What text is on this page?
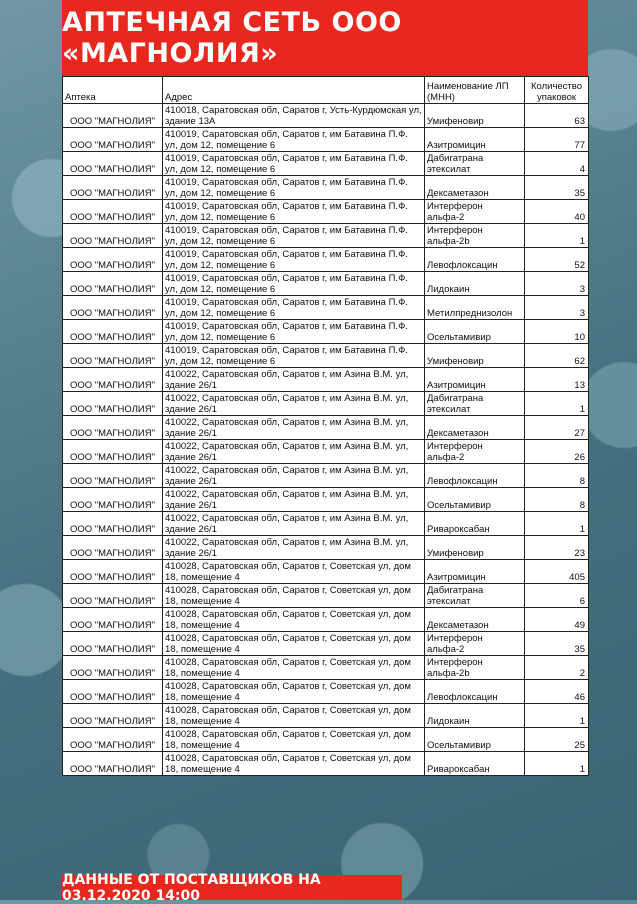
АПТЕЧНАЯ СЕТЬ ООО «МАГНОЛИЯ»
Аптека	Адрес	Наименование ЛП (МНН)	Количество упаковок
ООО "МАГНОЛИЯ"	410018, Саратовская обл, Саратов г, Усть-Курдюмская ул, здание 13А	Умифеновир	63
ООО "МАГНОЛИЯ"	410019, Саратовская обл, Саратов г, им Батавина П.Ф. ул, дом 12, помещение 6	Азитромицин	77
ООО "МАГНОЛИЯ"	410019, Саратовская обл, Саратов г, им Батавина П.Ф. ул, дом 12, помещение 6	Дабигатрана этексилат	4
ООО "МАГНОЛИЯ"	410019, Саратовская обл, Саратов г, им Батавина П.Ф. ул, дом 12, помещение 6	Дексаметазон	35
ООО "МАГНОЛИЯ"	410019, Саратовская обл, Саратов г, им Батавина П.Ф. ул, дом 12, помещение 6	Интерферон альфа-2	40
ООО "МАГНОЛИЯ"	410019, Саратовская обл, Саратов г, им Батавина П.Ф. ул, дом 12, помещение 6	Интерферон альфа-2b	1
ООО "МАГНОЛИЯ"	410019, Саратовская обл, Саратов г, им Батавина П.Ф. ул, дом 12, помещение 6	Левофлоксацин	52
ООО "МАГНОЛИЯ"	410019, Саратовская обл, Саратов г, им Батавина П.Ф. ул, дом 12, помещение 6	Лидокаин	3
ООО "МАГНОЛИЯ"	410019, Саратовская обл, Саратов г, им Батавина П.Ф. ул, дом 12, помещение 6	Метилпреднизолон	3
ООО "МАГНОЛИЯ"	410019, Саратовская обл, Саратов г, им Батавина П.Ф. ул, дом 12, помещение 6	Осельтамивир	10
ООО "МАГНОЛИЯ"	410019, Саратовская обл, Саратов г, им Батавина П.Ф. ул, дом 12, помещение 6	Умифеновир	62
ООО "МАГНОЛИЯ"	410022, Саратовская обл, Саратов г, им Азина В.М. ул, здание 26/1	Азитромицин	13
ООО "МАГНОЛИЯ"	410022, Саратовская обл, Саратов г, им Азина В.М. ул, здание 26/1	Дабигатрана этексилат	1
ООО "МАГНОЛИЯ"	410022, Саратовская обл, Саратов г, им Азина В.М. ул, здание 26/1	Дексаметазон	27
ООО "МАГНОЛИЯ"	410022, Саратовская обл, Саратов г, им Азина В.М. ул, здание 26/1	Интерферон альфа-2	26
ООО "МАГНОЛИЯ"	410022, Саратовская обл, Саратов г, им Азина В.М. ул, здание 26/1	Левофлоксацин	8
ООО "МАГНОЛИЯ"	410022, Саратовская обл, Саратов г, им Азина В.М. ул, здание 26/1	Осельтамивир	8
ООО "МАГНОЛИЯ"	410022, Саратовская обл, Саратов г, им Азина В.М. ул, здание 26/1	Ривароксабан	1
ООО "МАГНОЛИЯ"	410022, Саратовская обл, Саратов г, им Азина В.М. ул, здание 26/1	Умифеновир	23
ООО "МАГНОЛИЯ"	410028, Саратовская обл, Саратов г, Советская ул, дом 18, помещение 4	Азитромицин	405
ООО "МАГНОЛИЯ"	410028, Саратовская обл, Саратов г, Советская ул, дом 18, помещение 4	Дабигатрана этексилат	6
ООО "МАГНОЛИЯ"	410028, Саратовская обл, Саратов г, Советская ул, дом 18, помещение 4	Дексаметазон	49
ООО "МАГНОЛИЯ"	410028, Саратовская обл, Саратов г, Советская ул, дом 18, помещение 4	Интерферон альфа-2	35
ООО "МАГНОЛИЯ"	410028, Саратовская обл, Саратов г, Советская ул, дом 18, помещение 4	Интерферон альфа-2b	2
ООО "МАГНОЛИЯ"	410028, Саратовская обл, Саратов г, Советская ул, дом 18, помещение 4	Левофлоксацин	46
ООО "МАГНОЛИЯ"	410028, Саратовская обл, Саратов г, Советская ул, дом 18, помещение 4	Лидокаин	1
ООО "МАГНОЛИЯ"	410028, Саратовская обл, Саратов г, Советская ул, дом 18, помещение 4	Осельтамивир	25
ООО "МАГНОЛИЯ"	410028, Саратовская обл, Саратов г, Советская ул, дом 18, помещение 4	Ривароксабан	1
ДАННЫЕ ОТ ПОСТАВЩИКОВ НА 03.12.2020 14:00
